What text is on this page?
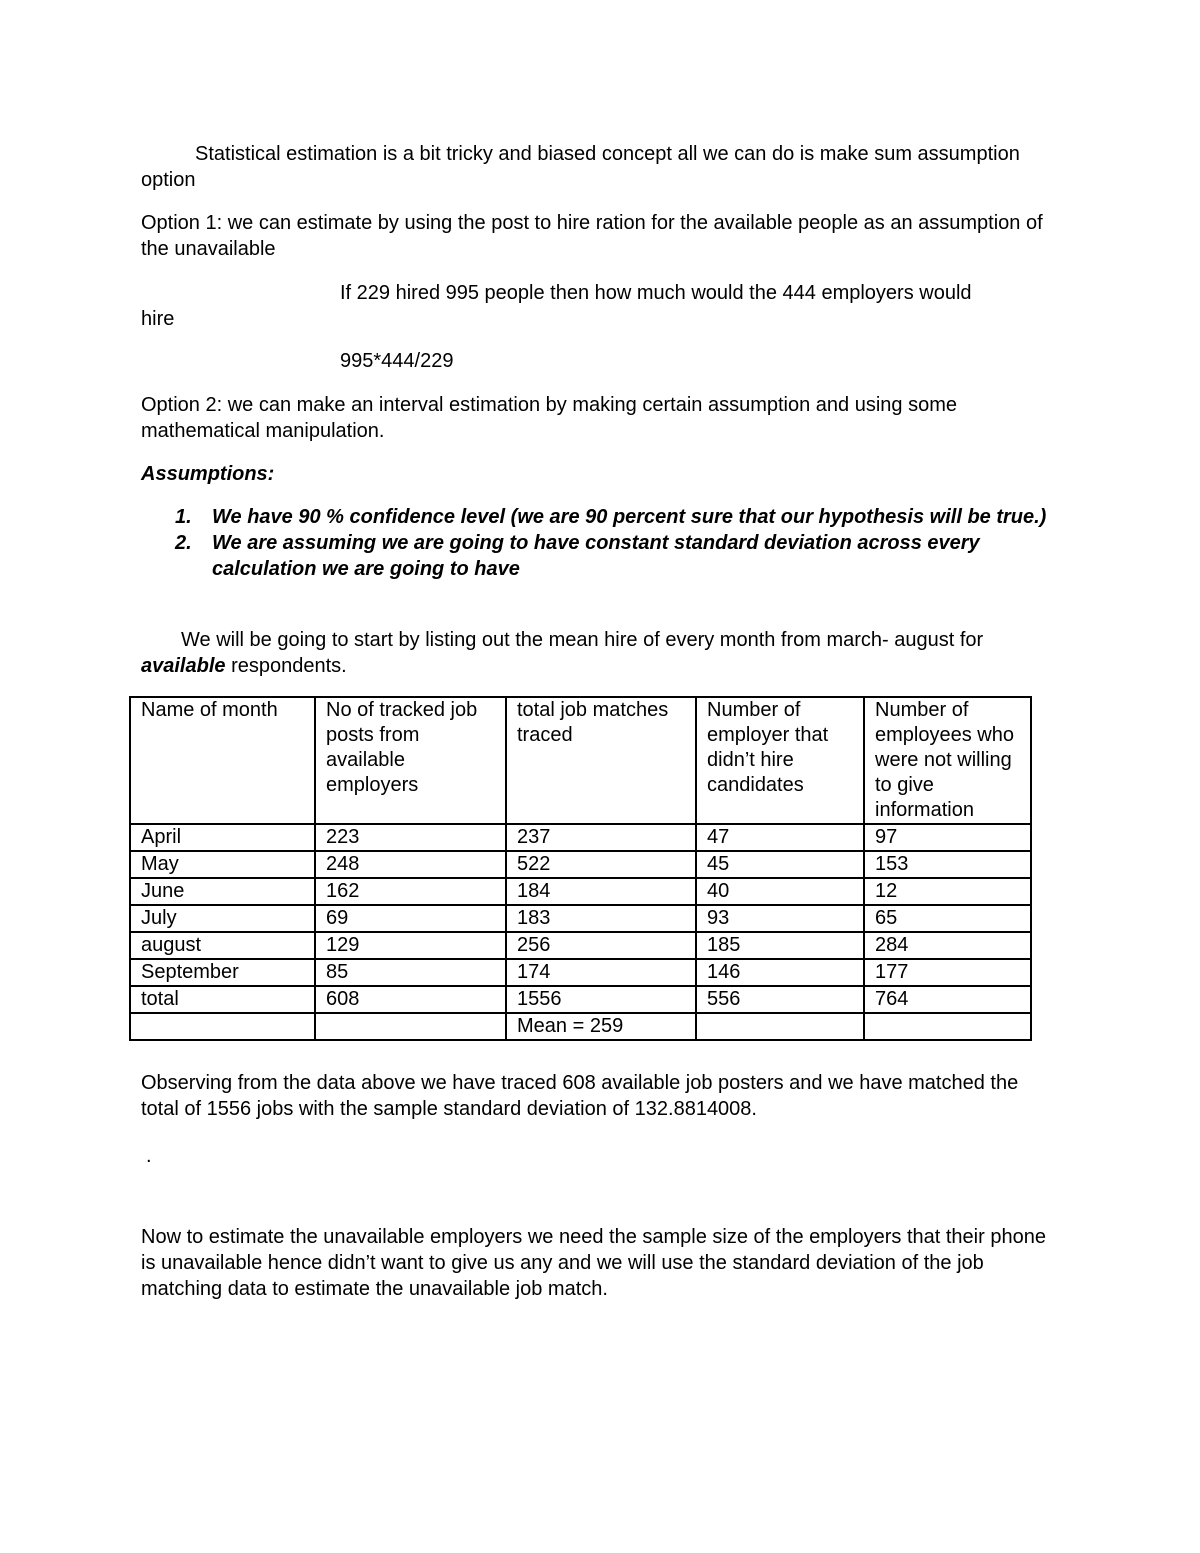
Statistical estimation is a bit tricky and biased concept all we can do is make sum assumption option

Option 1: we can estimate by using the post to hire ration for the available people as an assumption of the unavailable

If 229 hired 995 people then how much would the 444 employers would

hire

995*444/229

Option 2: we can make an interval estimation by making certain assumption and using some mathematical manipulation.

Assumptions:

1. We have 90 % confidence level (we are 90 percent sure that our hypothesis will be true.)
2. We are assuming we are going to have constant standard deviation across every calculation we are going to have

We will be going to start by listing out the mean hire of every month from march- august for available respondents.

Name of month	No of tracked job posts from available employers	total job matches traced	Number of employer that didn’t hire candidates	Number of employees who were not willing to give information
April	223	237	47	97
May	248	522	45	153
June	162	184	40	12
July	69	183	93	65
august	129	256	185	284
September	85	174	146	177
total	608	1556	556	764
		Mean = 259		

Observing from the data above we have traced 608 available job posters and we have matched the total of 1556 jobs with the sample standard deviation of 132.8814008.

.

Now to estimate the unavailable employers we need the sample size of the employers that their phone is unavailable hence didn’t want to give us any and we will use the standard deviation of the job matching data to estimate the unavailable job match.
